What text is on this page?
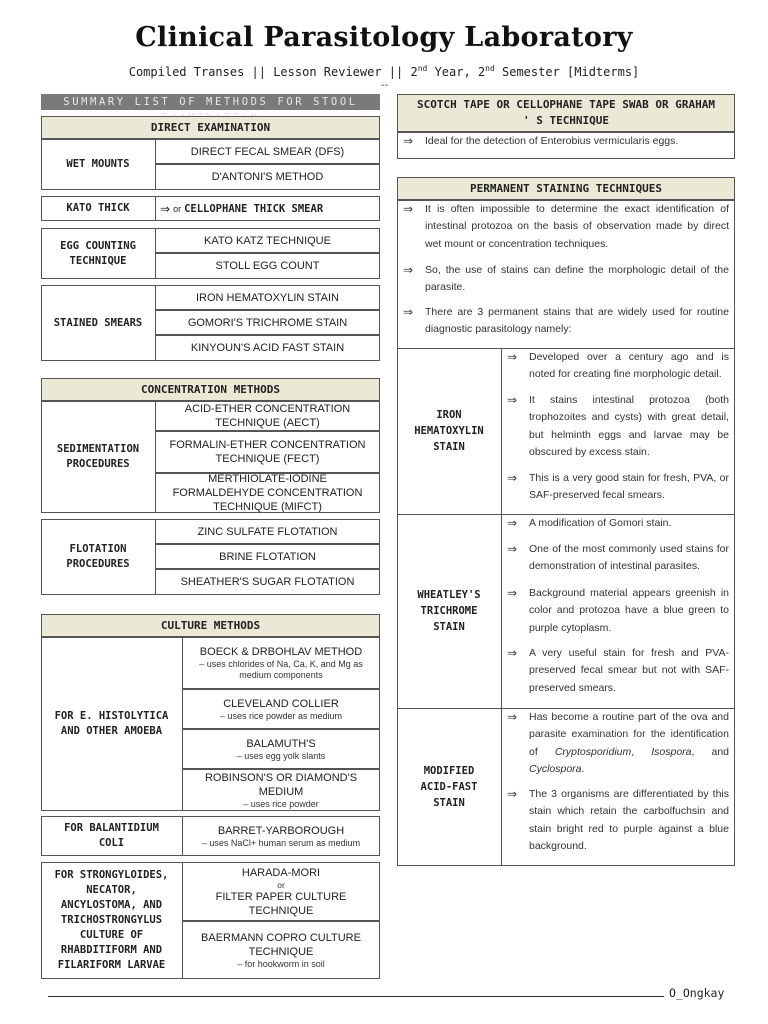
Clinical Parasitology Laboratory
Compiled Transes || Lesson Reviewer || 2nd Year, 2nd Semester [Midterms]
--
SUMMARY LIST OF METHODS FOR STOOL
DIRECT EXAMINATION
WET MOUNTS
DIRECT FECAL SMEAR (DFS)
D'ANTONI'S METHOD
KATO THICK	⇒ or CELLOPHANE THICK SMEAR
EGG COUNTING TECHNIQUE
KATO KATZ TECHNIQUE
STOLL EGG COUNT
STAINED SMEARS
IRON HEMATOXYLIN STAIN
GOMORI'S TRICHROME STAIN
KINYOUN'S ACID FAST STAIN
CONCENTRATION METHODS
SEDIMENTATION PROCEDURES
ACID-ETHER CONCENTRATION TECHNIQUE (AECT)
FORMALIN-ETHER CONCENTRATION TECHNIQUE (FECT)
MERTHIOLATE-IODINE FORMALDEHYDE CONCENTRATION TECHNIQUE (MIFCT)
FLOTATION PROCEDURES
ZINC SULFATE FLOTATION
BRINE FLOTATION
SHEATHER'S SUGAR FLOTATION
CULTURE METHODS
FOR E. HISTOLYTICA AND OTHER AMOEBA
BOECK & DRBOHLAV METHOD
– uses chlorides of Na, Ca, K, and Mg as medium components
CLEVELAND COLLIER
– uses rice powder as medium
BALAMUTH'S
– uses egg yolk slants
ROBINSON'S OR DIAMOND'S MEDIUM
– uses rice powder
FOR BALANTIDIUM COLI
BARRET-YARBOROUGH
– uses NaCl+ human serum as medium
FOR STRONGYLOIDES, NECATOR, ANCYLOSTOMA, AND TRICHOSTRONGYLUS CULTURE OF RHABDITIFORM AND FILARIFORM LARVAE
HARADA-MORI
or
FILTER PAPER CULTURE TECHNIQUE
BAERMANN COPRO CULTURE TECHNIQUE
– for hookworm in soil
SCOTCH TAPE OR CELLOPHANE TAPE SWAB OR GRAHAM ' S TECHNIQUE
⇒ Ideal for the detection of Enterobius vermicularis eggs.
PERMANENT STAINING TECHNIQUES
⇒ It is often impossible to determine the exact identification of intestinal protozoa on the basis of observation made by direct wet mount or concentration techniques.
⇒ So, the use of stains can define the morphologic detail of the parasite.
⇒ There are 3 permanent stains that are widely used for routine diagnostic parasitology namely:
IRON HEMATOXYLIN STAIN
⇒ Developed over a century ago and is noted for creating fine morphologic detail.
⇒ It stains intestinal protozoa (both trophozoites and cysts) with great detail, but helminth eggs and larvae may be obscured by excess stain.
⇒ This is a very good stain for fresh, PVA, or SAF-preserved fecal smears.
WHEATLEY'S TRICHROME STAIN
⇒ A modification of Gomori stain.
⇒ One of the most commonly used stains for demonstration of intestinal parasites.
⇒ Background material appears greenish in color and protozoa have a blue green to purple cytoplasm.
⇒ A very useful stain for fresh and PVA-preserved fecal smear but not with SAF-preserved smears.
MODIFIED ACID-FAST STAIN
⇒ Has become a routine part of the ova and parasite examination for the identification of Cryptosporidium, Isospora, and Cyclospora.
⇒ The 3 organisms are differentiated by this stain which retain the carbolfuchsin and stain bright red to purple against a blue background.
O_Ongkay
